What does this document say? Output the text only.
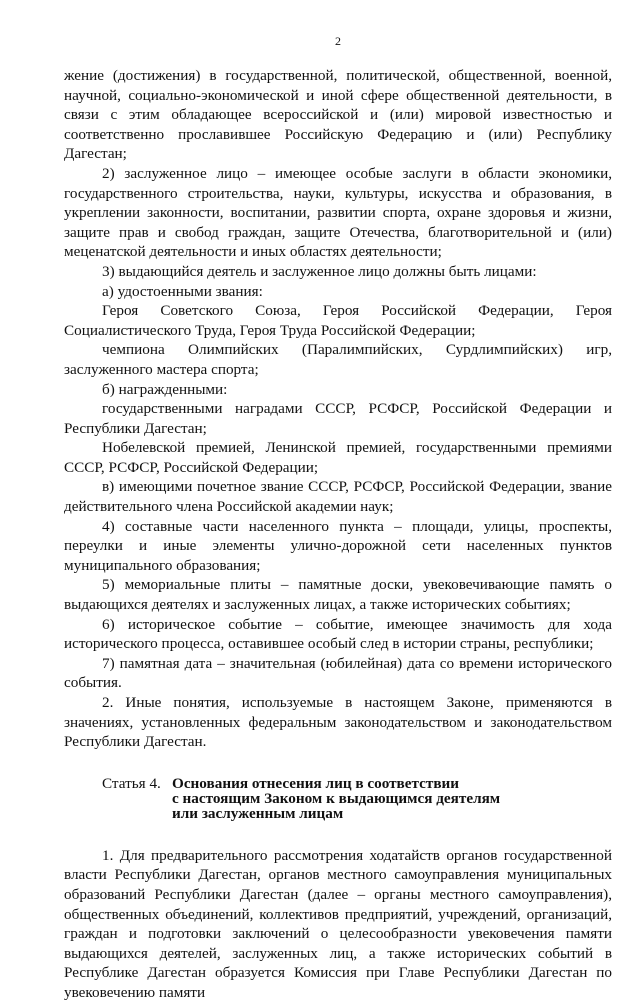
2

жение (достижения) в государственной, политической, общественной, военной, научной, социально-экономической и иной сфере общественной деятельности, в связи с этим обладающее всероссийской и (или) мировой известностью и соответственно прославившее Российскую Федерацию и (или) Республику Дагестан;

2) заслуженное лицо – имеющее особые заслуги в области экономики, государственного строительства, науки, культуры, искусства и образования, в укреплении законности, воспитании, развитии спорта, охране здоровья и жизни, защите прав и свобод граждан, защите Отечества, благотворительной и (или) меценатской деятельности и иных областях деятельности;

3) выдающийся деятель и заслуженное лицо должны быть лицами:

а) удостоенными звания:

Героя Советского Союза, Героя Российской Федерации, Героя Социалистического Труда, Героя Труда Российской Федерации;

чемпиона Олимпийских (Паралимпийских, Сурдлимпийских) игр, заслуженного мастера спорта;

б) награжденными:

государственными наградами СССР, РСФСР, Российской Федерации и Республики Дагестан;

Нобелевской премией, Ленинской премией, государственными премиями СССР, РСФСР, Российской Федерации;

в) имеющими почетное звание СССР, РСФСР, Российской Федерации, звание действительного члена Российской академии наук;

4) составные части населенного пункта – площади, улицы, проспекты, переулки и иные элементы улично-дорожной сети населенных пунктов муниципального образования;

5) мемориальные плиты – памятные доски, увековечивающие память о выдающихся деятелях и заслуженных лицах, а также исторических событиях;

6) историческое событие – событие, имеющее значимость для хода исторического процесса, оставившее особый след в истории страны, республики;

7) памятная дата – значительная (юбилейная) дата со времени исторического события.

2. Иные понятия, используемые в настоящем Законе, применяются в значениях, установленных федеральным законодательством и законодательством Республики Дагестан.

Статья 4. Основания отнесения лиц в соответствии
с настоящим Законом к выдающимся деятелям
или заслуженным лицам

1. Для предварительного рассмотрения ходатайств органов государственной власти Республики Дагестан, органов местного самоуправления муниципальных образований Республики Дагестан (далее – органы местного самоуправления), общественных объединений, коллективов предприятий, учреждений, организаций, граждан и подготовки заключений о целесообразности увековечения памяти выдающихся деятелей, заслуженных лиц, а также исторических событий в Республике Дагестан образуется Комиссия при Главе Республики Дагестан по увековечению памяти
